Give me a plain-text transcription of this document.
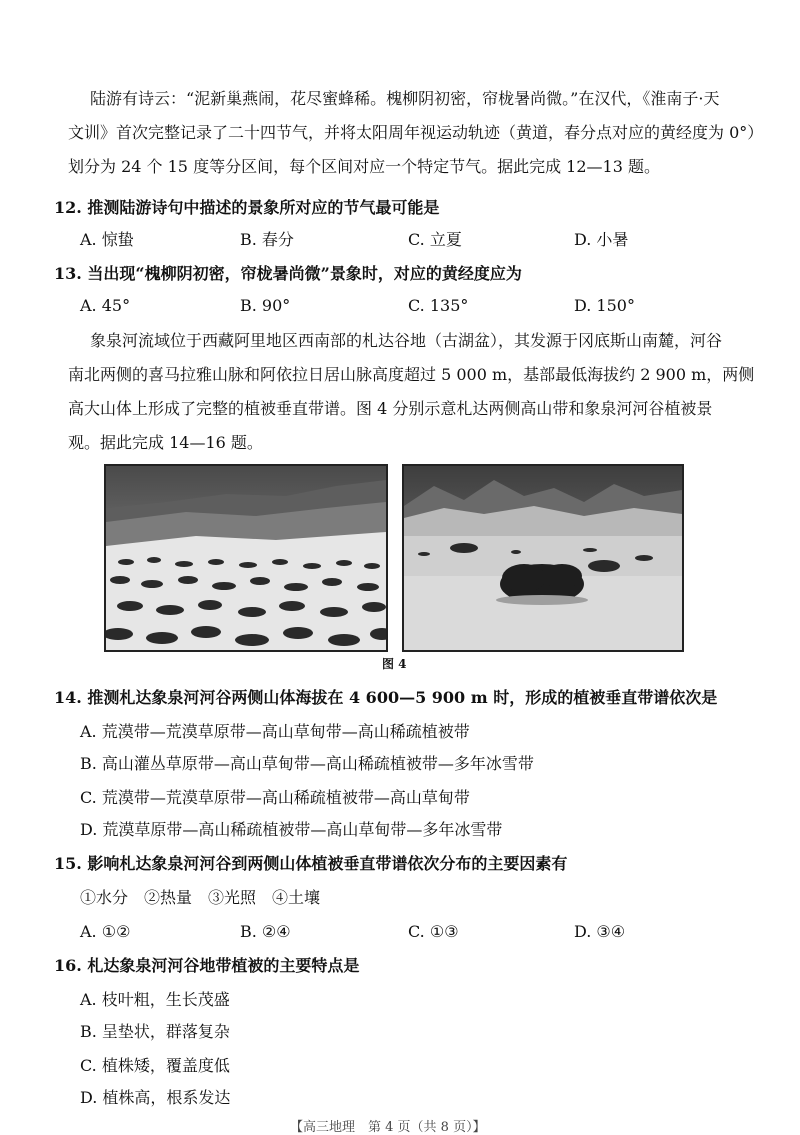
陆游有诗云：“泥新巢燕闹，花尽蜜蜂稀。槐柳阴初密，帘栊暑尚微。”在汉代，《淮南子·天
文训》首次完整记录了二十四节气，并将太阳周年视运动轨迹（黄道，春分点对应的黄经度为 0°）
划分为 24 个 15 度等分区间，每个区间对应一个特定节气。据此完成 12—13 题。
12. 推测陆游诗句中描述的景象所对应的节气最可能是
A. 惊蛰	B. 春分	C. 立夏	D. 小暑
13. 当出现“槐柳阴初密，帘栊暑尚微”景象时，对应的黄经度应为
A. 45°	B. 90°	C. 135°	D. 150°
象泉河流域位于西藏阿里地区西南部的札达谷地（古湖盆），其发源于冈底斯山南麓，河谷
南北两侧的喜马拉雅山脉和阿依拉日居山脉高度超过 5 000 m，基部最低海拔约 2 900 m，两侧
高大山体上形成了完整的植被垂直带谱。图 4 分别示意札达两侧高山带和象泉河河谷植被景
观。据此完成 14—16 题。
图 4
14. 推测札达象泉河河谷两侧山体海拔在 4 600—5 900 m 时，形成的植被垂直带谱依次是
A. 荒漠带—荒漠草原带—高山草甸带—高山稀疏植被带
B. 高山灌丛草原带—高山草甸带—高山稀疏植被带—多年冰雪带
C. 荒漠带—荒漠草原带—高山稀疏植被带—高山草甸带
D. 荒漠草原带—高山稀疏植被带—高山草甸带—多年冰雪带
15. 影响札达象泉河河谷到两侧山体植被垂直带谱依次分布的主要因素有
①水分　②热量　③光照　④土壤
A. ①②	B. ②④	C. ①③	D. ③④
16. 札达象泉河河谷地带植被的主要特点是
A. 枝叶粗，生长茂盛
B. 呈垫状，群落复杂
C. 植株矮，覆盖度低
D. 植株高，根系发达
【高三地理　第 4 页（共 8 页）】
